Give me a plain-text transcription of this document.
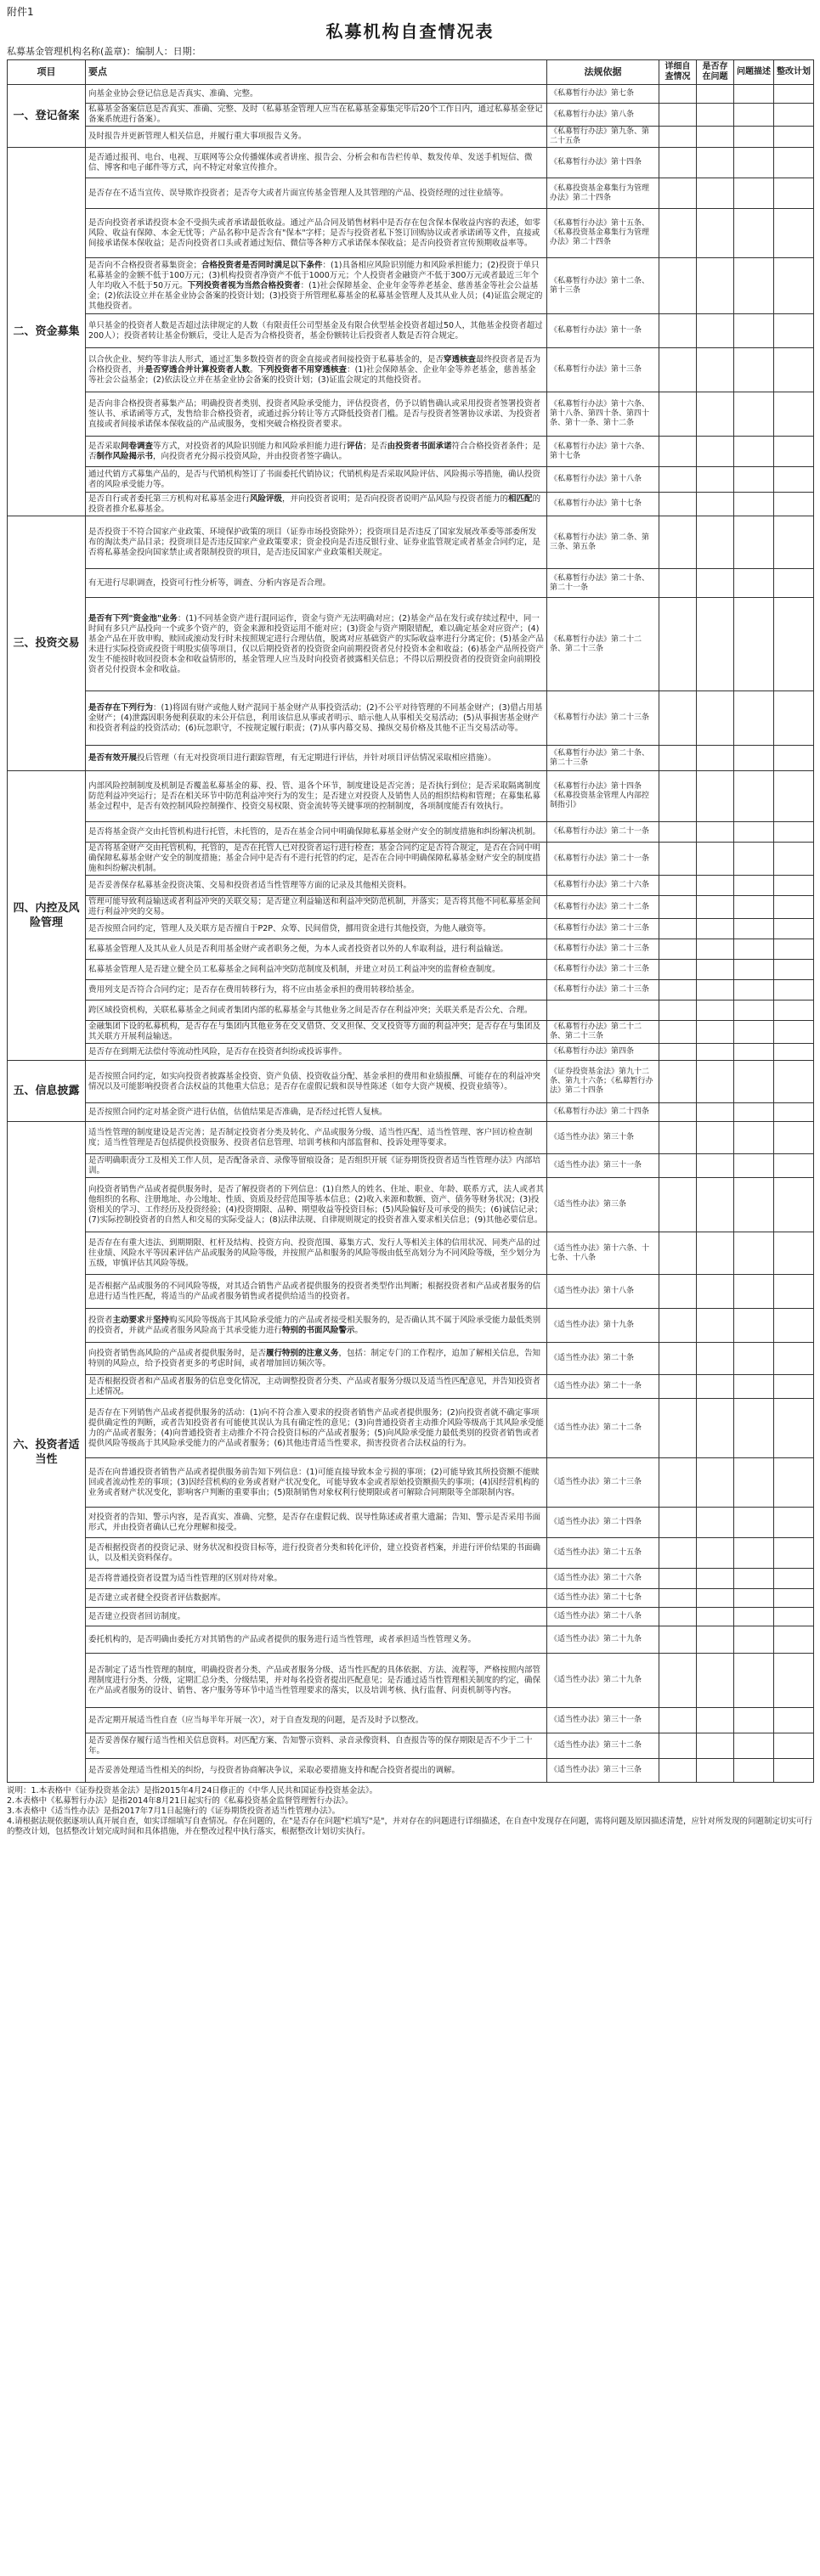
附件1
私募机构自查情况表
私募基金管理机构名称(盖章)：编制人：日期：
项目	要点	法规依据	详细自查情况	是否存在问题	问题描述	整改计划
一、登记备案	向基金业协会登记信息是否真实、准确、完整。	《私募暂行办法》第七条				
	私募基金备案信息是否真实、准确、完整、及时（私募基金管理人应当在私募基金募集完毕后20个工作日内，通过私募基金登记备案系统进行备案）。	《私募暂行办法》第八条				
	及时报告并更新管理人相关信息，并履行重大事项报告义务。	《私募暂行办法》第九条、第二十五条				
二、资金募集	是否通过报刊、电台、电视、互联网等公众传播媒体或者讲座、报告会、分析会和布告栏传单、数发传单、发送手机短信、微信、博客和电子邮件等方式，向不特定对象宣传推介。	《私募暂行办法》第十四条				
	是否存在不适当宣传、误导欺诈投资者；是否夸大或者片面宣传基金管理人及其管理的产品、投资经理的过往业绩等。	《私募投资基金募集行为管理办法》第二十四条				
	是否向投资者承诺投资本金不受损失或者承诺最低收益。通过产品合同及销售材料中是否存在包含保本保收益内容的表述，如零风险、收益有保障、本金无忧等；产品名称中是否含有"保本"字样；是否与投资者私下签订回购协议或者承诺函等文件，直接或间接承诺保本保收益；是否向投资者口头或者通过短信、微信等各种方式承诺保本保收益；是否向投资者宣传预期收益率等。	《私募暂行办法》第十五条、《私募投资基金募集行为管理办法》第二十四条				
	是否向不合格投资者募集资金；合格投资者是否同时满足以下条件：(1)具备相应风险识别能力和风险承担能力；(2)投资于单只私募基金的金额不低于100万元；(3)机构投资者净资产不低于1000万元；个人投资者金融资产不低于300万元或者最近三年个人年均收入不低于50万元。下列投资者视为当然合格投资者：(1)社会保障基金、企业年金等养老基金、慈善基金等社会公益基金；(2)依法设立并在基金业协会备案的投资计划；(3)投资于所管理私募基金的私募基金管理人及其从业人员；(4)证监会规定的其他投资者。	《私募暂行办法》第十二条、第十三条				
	单只基金的投资者人数是否超过法律规定的人数（有限责任公司型基金及有限合伙型基金投资者超过50人，其他基金投资者超过200人）；投资者转让基金份额后，受让人是否为合格投资者，基金份额转让后投资者人数是否符合规定。	《私募暂行办法》第十一条				
	以合伙企业、契约等非法人形式，通过汇集多数投资者的资金直接或者间接投资于私募基金的，是否穿透核查最终投资者是否为合格投资者，并是否穿透合并计算投资者人数。下列投资者不用穿透核查：(1)社会保障基金、企业年金等养老基金，慈善基金等社会公益基金；(2)依法设立并在基金业协会备案的投资计划；(3)证监会规定的其他投资者。	《私募暂行办法》第十三条				
	是否向非合格投资者募集产品；明确投资者类别、投资者风险承受能力，评估投资者，仍予以销售确认或采用投资者签署投资者签认书、承诺函等方式，发售给非合格投资者，或通过拆分转让等方式降低投资者门槛。是否与投资者签署协议承诺、为投资者直接或者间接承诺保本保收益的产品或服务，变相突破合格投资者要求。	《私募暂行办法》第十六条、第十八条、第四十条、第四十条、第十一条、第十二条				
	是否采取问卷调查等方式，对投资者的风险识别能力和风险承担能力进行评估；是否由投资者书面承诺符合合格投资者条件；是否制作风险揭示书，向投资者充分揭示投资风险，并由投资者签字确认。	《私募暂行办法》第十六条、第十七条				
	通过代销方式募集产品的，是否与代销机构签订了书面委托代销协议；代销机构是否采取风险评估、风险揭示等措施，确认投资者的风险承受能力等。	《私募暂行办法》第十八条				
	是否自行或者委托第三方机构对私募基金进行风险评级，并向投资者说明；是否向投资者说明产品风险与投资者能力的相匹配的投资者推介私募基金。	《私募暂行办法》第十七条				
三、投资交易	是否投资于不符合国家产业政策、环境保护政策的项目（证券市场投资除外）；投资项目是否违反了国家发展改革委等部委所发布的淘汰类产品目录；投资项目是否违反国家产业政策要求；资金投向是否违反银行业、证券业监管规定或者基金合同约定，是否将私募基金投向国家禁止或者限制投资的项目，是否违反国家产业政策相关规定。	《私募暂行办法》第二条、第三条、第五条				
	有无进行尽职调查，投资可行性分析等，调查、分析内容是否合理。	《私募暂行办法》第二十条、第二十一条				
	是否有下列"资金池"业务：(1)不同基金资产进行混同运作，资金与资产无法明确对应；(2)基金产品在发行或存续过程中，同一时间有多只产品投向一个或多个资产的，资金来源和投资运用不能对应；(3)资金与资产期限错配，难以确定基金对应资产；(4)基金产品在开放申购、赎回或滚动发行时未按照规定进行合理估值，脱离对应基础资产的实际收益率进行分离定价；(5)基金产品未进行实际投资或投资于明股实债等项目，仅以后期投资者的投资资金向前期投资者兑付投资本金和收益；(6)基金产品所投资产发生不能按时收回投资本金和收益情形的，基金管理人应当及时向投资者披露相关信息；不得以后期投资者的投资资金向前期投资者兑付投资本金和收益。	《私募暂行办法》第二十二条、第二十三条				
	是否存在下列行为：(1)将固有财产或他人财产混同于基金财产从事投资活动；(2)不公平对待管理的不同基金财产；(3)借占用基金财产；(4)泄露因职务便利获取的未公开信息，利用该信息从事或者明示、暗示他人从事相关交易活动；(5)从事损害基金财产和投资者利益的投资活动；(6)玩忽职守，不按规定履行职责；(7)从事内幕交易、操纵交易价格及其他不正当交易活动等。	《私募暂行办法》第二十三条				
	是否有效开展投后管理（有无对投资项目进行跟踪管理，有无定期进行评估，并针对项目评估情况采取相应措施）。	《私募暂行办法》第二十条、第二十三条				
四、内控及风险管理	内部风险控制制度及机制是否覆盖私募基金的募、投、管、退各个环节，制度建设是否完善；是否执行到位；是否采取隔离制度防范利益冲突运行；是否在相关环节中防范利益冲突行为的发生；是否建立对投资人及销售人员的组织结构和管理；在募集私募基金过程中，是否有效控制风险控制操作、投资交易权限、资金流转等关键事项的控制制度，各项制度能否有效执行。	《私募暂行办法》第十四条《私募投资基金管理人内部控制指引》				
	是否将基金资产交由托管机构进行托管，未托管的，是否在基金合同中明确保障私募基金财产安全的制度措施和纠纷解决机制。	《私募暂行办法》第二十一条				
	是否将基金财产交由托管机构，托管的，是否在托管人已对投资者运行进行检查；基金合同约定是否符合规定，是否在合同中明确保障私募基金财产安全的制度措施；基金合同中是否有不进行托管的约定，是否在合同中明确保障私募基金财产安全的制度措施和纠纷解决机制。	《私募暂行办法》第二十一条				
	是否妥善保存私募基金投资决策、交易和投资者适当性管理等方面的记录及其他相关资料。	《私募暂行办法》第二十六条				
	管理可能导致利益输送或者利益冲突的关联交易；是否建立利益输送和利益冲突防范机制，并落实；是否将其他不同私募基金间进行利益冲突的交易。	《私募暂行办法》第二十二条				
	是否按照合同约定，管理人及关联方是否擅自于P2P、众筹、民间借贷，挪用资金进行其他投资，为他人融资等。	《私募暂行办法》第二十三条				
	私募基金管理人及其从业人员是否利用基金财产或者职务之便，为本人或者投资者以外的人牟取利益，进行利益输送。	《私募暂行办法》第二十三条				
	私募基金管理人是否建立健全员工私募基金之间利益冲突防范制度及机制，并建立对员工利益冲突的监督检查制度。	《私募暂行办法》第二十三条				
	费用列支是否符合合同约定；是否存在费用转移行为，将不应由基金承担的费用转移给基金。	《私募暂行办法》第二十三条				
	跨区域投资机构，关联私募基金之间或者集团内部的私募基金与其他业务之间是否存在利益冲突；关联关系是否公允、合理。					
	金融集团下设的私募机构，是否存在与集团内其他业务在交叉借贷、交叉担保、交叉投资等方面的利益冲突；是否存在与集团及其关联方开展利益输送。	《私募暂行办法》第二十二条、第二十三条				
	是否存在到期无法偿付等流动性风险，是否存在投资者纠纷或投诉事件。	《私募暂行办法》第四条				
五、信息披露	是否按照合同约定，如实向投资者披露基金投资、资产负债、投资收益分配、基金承担的费用和业绩报酬、可能存在的利益冲突情况以及可能影响投资者合法权益的其他重大信息；是否存在虚假记载和误导性陈述（如夸大资产规模、投资业绩等）。	《证券投资基金法》第九十二条、第九十六条；《私募暂行办法》第二十四条				
	是否按照合同约定对基金资产进行估值，估值结果是否准确，是否经过托管人复核。	《私募暂行办法》第二十四条				
六、投资者适当性	适当性管理的制度建设是否完善；是否制定投资者分类及转化、产品或服务分级、适当性匹配、适当性管理、客户回访检查制度；适当性管理是否包括提供投资服务、投资者信息管理、培训考核和内部监督和、投诉处理等要求。	《适当性办法》第三十条				
	是否明确职责分工及相关工作人员，是否配备录音、录像等留痕设备；是否组织开展《证券期货投资者适当性管理办法》内部培训。	《适当性办法》第三十一条				
	向投资者销售产品或者提供服务时，是否了解投资者的下列信息：(1)自然人的姓名、住址、职业、年龄、联系方式，法人或者其他组织的名称、注册地址、办公地址、性质、资质及经营范围等基本信息；(2)收入来源和数额、资产、债务等财务状况；(3)投资相关的学习、工作经历及投资经验；(4)投资期限、品种、期望收益等投资目标；(5)风险偏好及可承受的损失；(6)诚信记录；(7)实际控制投资者的自然人和交易的实际受益人；(8)法律法规、自律规则规定的投资者准入要求相关信息；(9)其他必要信息。	《适当性办法》第三条				
	是否存在有重大违法、到期期限、杠杆及结构、投资方向、投资范围、募集方式、发行人等相关主体的信用状况、同类产品的过往业绩、风险水平等因素评估产品或服务的风险等级，并按照产品和服务的风险等级由低至高划分为不同风险等级，至少划分为五级，审慎评估其风险等级。	《适当性办法》第十六条、十七条、十八条				
	是否根据产品或服务的不同风险等级，对其适合销售产品或者提供服务的投资者类型作出判断；根据投资者和产品或者服务的信息进行适当性匹配，将适当的产品或者服务销售或者提供给适当的投资者。	《适当性办法》第十八条				
	投资者主动要求并坚持购买风险等级高于其风险承受能力的产品或者接受相关服务的，是否确认其不属于风险承受能力最低类别的投资者，并就产品或者服务风险高于其承受能力进行特别的书面风险警示。	《适当性办法》第十九条				
	向投资者销售高风险的产品或者提供服务时，是否履行特别的注意义务，包括：制定专门的工作程序，追加了解相关信息，告知特别的风险点，给予投资者更多的考虑时间，或者增加回访频次等。	《适当性办法》第二十条				
	是否根据投资者和产品或者服务的信息变化情况，主动调整投资者分类、产品或者服务分级以及适当性匹配意见，并告知投资者上述情况。	《适当性办法》第二十一条				
	是否存在下列销售产品或者提供服务的活动：(1)向不符合准入要求的投资者销售产品或者提供服务；(2)向投资者就不确定事项提供确定性的判断，或者告知投资者有可能使其误认为具有确定性的意见；(3)向普通投资者主动推介风险等级高于其风险承受能力的产品或者服务；(4)向普通投资者主动推介不符合投资目标的产品或者服务；(5)向风险承受能力最低类别的投资者销售或者提供风险等级高于其风险承受能力的产品或者服务；(6)其他违背适当性要求，损害投资者合法权益的行为。	《适当性办法》第二十二条				
	是否在向普通投资者销售产品或者提供服务前告知下列信息：(1)可能直接导致本金亏损的事项；(2)可能导致其所投资额不能赎回或者流动性差的事项；(3)因经营机构的业务或者财产状况变化，可能导致本金或者原始投资额损失的事项；(4)因经营机构的业务或者财产状况变化，影响客户判断的重要事由；(5)限制销售对象权利行使期限或者可解除合同期限等全部限制内容。	《适当性办法》第二十三条				
	对投资者的告知、警示内容，是否真实、准确、完整，是否存在虚假记载、误导性陈述或者重大遗漏；告知、警示是否采用书面形式，并由投资者确认已充分理解和接受。	《适当性办法》第二十四条				
	是否根据投资者的投资记录、财务状况和投资目标等，进行投资者分类和转化评价，建立投资者档案，并进行评价结果的书面确认，以及相关资料保存。	《适当性办法》第二十五条				
	是否将普通投资者设置为适当性管理的区别对待对象。	《适当性办法》第二十六条				
	是否建立或者健全投资者评估数据库。	《适当性办法》第二十七条				
	是否建立投资者回访制度。	《适当性办法》第二十八条				
	委托机构的，是否明确由委托方对其销售的产品或者提供的服务进行适当性管理，或者承担适当性管理义务。	《适当性办法》第二十九条				
	是否制定了适当性管理的制度，明确投资者分类、产品或者服务分级、适当性匹配的具体依据、方法、流程等，严格按照内部管理制度进行分类、分级，定期汇总分类、分级结果，并对每名投资者提出匹配意见；是否通过适当性管理相关制度的约定，确保在产品或者服务的设计、销售、客户服务等环节中适当性管理要求的落实，以及培训考核、执行监督、问责机制等内容。	《适当性办法》第二十九条				
	是否定期开展适当性自查（应当每半年开展一次），对于自查发现的问题，是否及时予以整改。	《适当性办法》第三十一条				
	是否妥善保存履行适当性相关信息资料。对匹配方案、告知警示资料、录音录像资料、自查报告等的保存期限是否不少于二十年。	《适当性办法》第三十二条				
	是否妥善处理适当性相关的纠纷，与投资者协商解决争议，采取必要措施支持和配合投资者提出的调解。	《适当性办法》第三十三条				
说明：1.本表格中《证券投资基金法》是指2015年4月24日修正的《中华人民共和国证券投资基金法》。
2.本表格中《私募暂行办法》是指2014年8月21日起实行的《私募投资基金监督管理暂行办法》。
3.本表格中《适当性办法》是指2017年7月1日起施行的《证券期货投资者适当性管理办法》。
4.请根据法规依据逐项认真开展自查，如实详细填写自查情况。存在问题的，在"是否存在问题"栏填写"是"，并对存在的问题进行详细描述，在自查中发现存在问题，需将问题及原因描述清楚，应针对所发现的问题制定切实可行的整改计划，包括整改计划完成时间和具体措施，并在整改过程中执行落实，根据整改计划切实执行。
